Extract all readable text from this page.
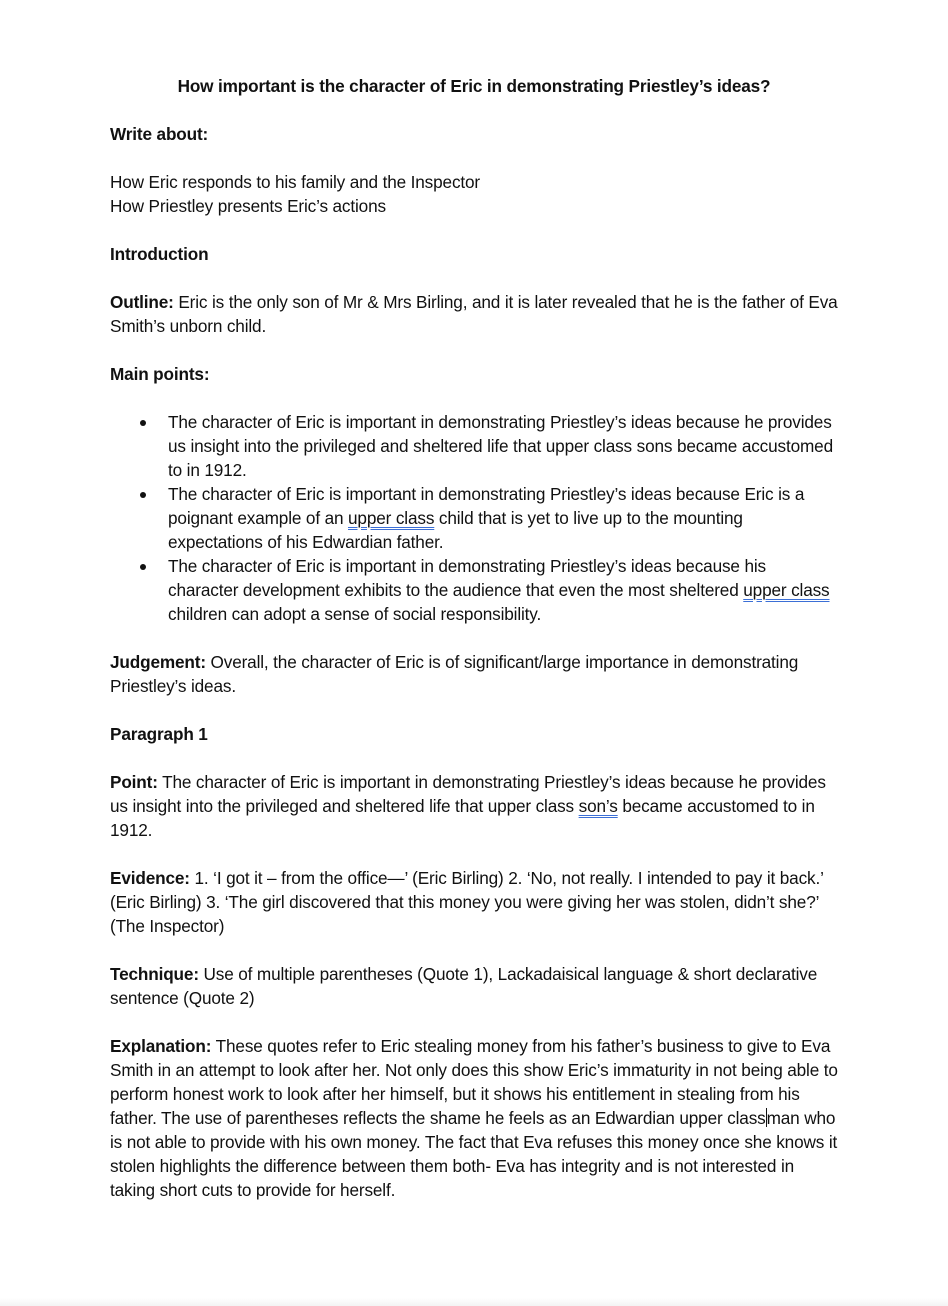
How important is the character of Eric in demonstrating Priestley’s ideas?

Write about:

How Eric responds to his family and the Inspector

How Priestley presents Eric’s actions

Introduction

Outline: Eric is the only son of Mr & Mrs Birling, and it is later revealed that he is the father of Eva Smith’s unborn child.

Main points:

The character of Eric is important in demonstrating Priestley’s ideas because he provides us insight into the privileged and sheltered life that upper class sons became accustomed to in 1912.
The character of Eric is important in demonstrating Priestley’s ideas because Eric is a poignant example of an upper class child that is yet to live up to the mounting expectations of his Edwardian father.
The character of Eric is important in demonstrating Priestley’s ideas because his character development exhibits to the audience that even the most sheltered upper class children can adopt a sense of social responsibility.

Judgement: Overall, the character of Eric is of significant/large importance in demonstrating Priestley’s ideas.

Paragraph 1

Point: The character of Eric is important in demonstrating Priestley’s ideas because he provides us insight into the privileged and sheltered life that upper class son’s became accustomed to in 1912.

Evidence: 1. ‘I got it – from the office—’ (Eric Birling) 2. ‘No, not really. I intended to pay it back.’ (Eric Birling) 3. ‘The girl discovered that this money you were giving her was stolen, didn’t she?’ (The Inspector)

Technique: Use of multiple parentheses (Quote 1), Lackadaisical language & short declarative sentence (Quote 2)

Explanation: These quotes refer to Eric stealing money from his father’s business to give to Eva Smith in an attempt to look after her. Not only does this show Eric’s immaturity in not being able to perform honest work to look after her himself, but it shows his entitlement in stealing from his father. The use of parentheses reflects the shame he feels as an Edwardian upper classman who is not able to provide with his own money. The fact that Eva refuses this money once she knows it stolen highlights the difference between them both- Eva has integrity and is not interested in taking short cuts to provide for herself.
